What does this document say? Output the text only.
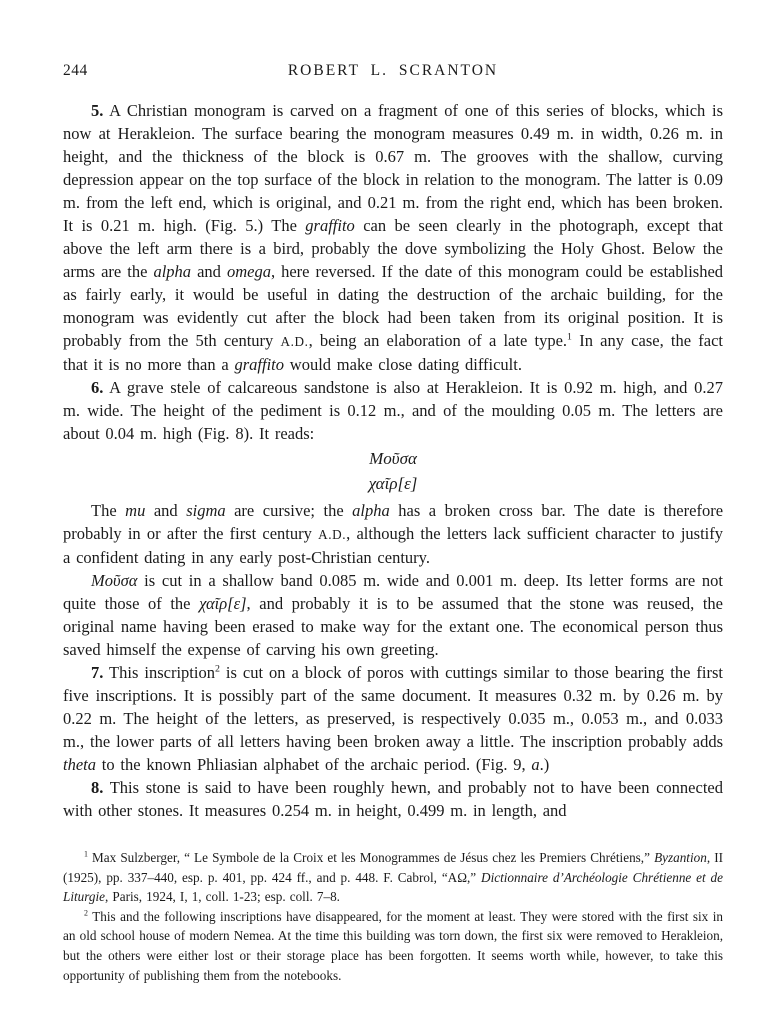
244	ROBERT L. SCRANTON

5. A Christian monogram is carved on a fragment of one of this series of blocks, which is now at Herakleion. The surface bearing the monogram measures 0.49 m. in width, 0.26 m. in height, and the thickness of the block is 0.67 m. The grooves with the shallow, curving depression appear on the top surface of the block in relation to the monogram. The latter is 0.09 m. from the left end, which is original, and 0.21 m. from the right end, which has been broken. It is 0.21 m. high. (Fig. 5.) The graffito can be seen clearly in the photograph, except that above the left arm there is a bird, probably the dove symbolizing the Holy Ghost. Below the arms are the alpha and omega, here reversed. If the date of this monogram could be established as fairly early, it would be useful in dating the destruction of the archaic building, for the monogram was evidently cut after the block had been taken from its original position. It is probably from the 5th century A.D., being an elaboration of a late type.$^1$ In any case, the fact that it is no more than a graffito would make close dating difficult.

6. A grave stele of calcareous sandstone is also at Herakleion. It is 0.92 m. high, and 0.27 m. wide. The height of the pediment is 0.12 m., and of the moulding 0.05 m. The letters are about 0.04 m. high (Fig. 8). It reads:

Μοῦσα
χαῖρ[ε]

The mu and sigma are cursive; the alpha has a broken cross bar. The date is therefore probably in or after the first century A.D., although the letters lack sufficient character to justify a confident dating in any early post-Christian century.

Μοῦσα is cut in a shallow band 0.085 m. wide and 0.001 m. deep. Its letter forms are not quite those of the χαῖρ[ε], and probably it is to be assumed that the stone was reused, the original name having been erased to make way for the extant one. The economical person thus saved himself the expense of carving his own greeting.

7. This inscription$^2$ is cut on a block of poros with cuttings similar to those bearing the first five inscriptions. It is possibly part of the same document. It measures 0.32 m. by 0.26 m. by 0.22 m. The height of the letters, as preserved, is respectively 0.035 m., 0.053 m., and 0.033 m., the lower parts of all letters having been broken away a little. The inscription probably adds theta to the known Phliasian alphabet of the archaic period. (Fig. 9, a.)

8. This stone is said to have been roughly hewn, and probably not to have been connected with other stones. It measures 0.254 m. in height, 0.499 m. in length, and

$^1$ Max Sulzberger, “ Le Symbole de la Croix et les Monogrammes de Jésus chez les Premiers Chrétiens,” Byzantion, II (1925), pp. 337–440, esp. p. 401, pp. 424 ff., and p. 448. F. Cabrol, “ΑΩ,” Dictionnaire d’Archéologie Chrétienne et de Liturgie, Paris, 1924, I, 1, coll. 1-23; esp. coll. 7–8.

$^2$ This and the following inscriptions have disappeared, for the moment at least. They were stored with the first six in an old school house of modern Nemea. At the time this building was torn down, the first six were removed to Herakleion, but the others were either lost or their storage place has been forgotten. It seems worth while, however, to take this opportunity of publishing them from the notebooks.
